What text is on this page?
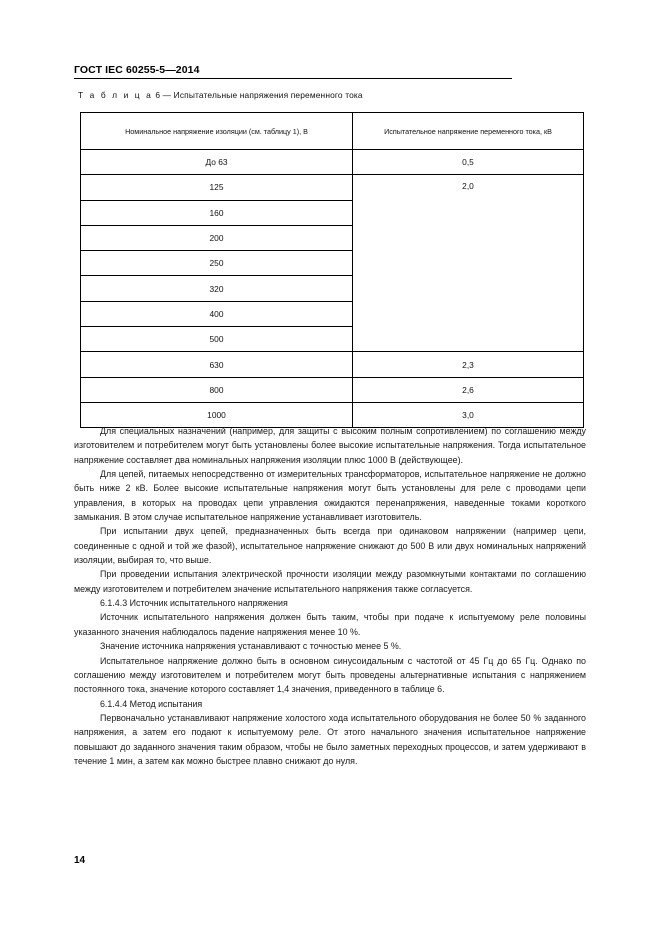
ГОСТ IEC 60255-5—2014
Т а б л и ц а 6 — Испытательные напряжения переменного тока
Номинальное напряжение изоляции (см. таблицу 1), В	Испытательное напряжение переменного тока, кВ
До 63	0,5
125	2,0
160	
200	
250	
320	
400	
500	
630	2,3
800	2,6
1000	3,0

Для специальных назначений (например, для защиты с высоким полным сопротивлением) по соглашению между изготовителем и потребителем могут быть установлены более высокие испытательные напряжения. Тогда испытательное напряжение составляет два номинальных напряжения изоляции плюс 1000 В (действующее).

Для цепей, питаемых непосредственно от измерительных трансформаторов, испытательное напряжение не должно быть ниже 2 кВ. Более высокие испытательные напряжения могут быть установлены для реле с проводами цепи управления, в которых на проводах цепи управления ожидаются перенапряжения, наведенные токами короткого замыкания. В этом случае испытательное напряжение устанавливает изготовитель.

При испытании двух цепей, предназначенных быть всегда при одинаковом напряжении (например цепи, соединенные с одной и той же фазой), испытательное напряжение снижают до 500 В или двух номинальных напряжений изоляции, выбирая то, что выше.

При проведении испытания электрической прочности изоляции между разомкнутыми контактами по соглашению между изготовителем и потребителем значение испытательного напряжения также согласуется.

6.1.4.3 Источник испытательного напряжения

Источник испытательного напряжения должен быть таким, чтобы при подаче к испытуемому реле половины указанного значения наблюдалось падение напряжения менее 10 %.

Значение источника напряжения устанавливают с точностью менее 5 %.

Испытательное напряжение должно быть в основном синусоидальным с частотой от 45 Гц до 65 Гц. Однако по соглашению между изготовителем и потребителем могут быть проведены альтернативные испытания с напряжением постоянного тока, значение которого составляет 1,4 значения, приведенного в таблице 6.

6.1.4.4 Метод испытания

Первоначально устанавливают напряжение холостого хода испытательного оборудования не более 50 % заданного напряжения, а затем его подают к испытуемому реле. От этого начального значения испытательное напряжение повышают до заданного значения таким образом, чтобы не было заметных переходных процессов, и затем удерживают в течение 1 мин, а затем как можно быстрее плавно снижают до нуля.

14
